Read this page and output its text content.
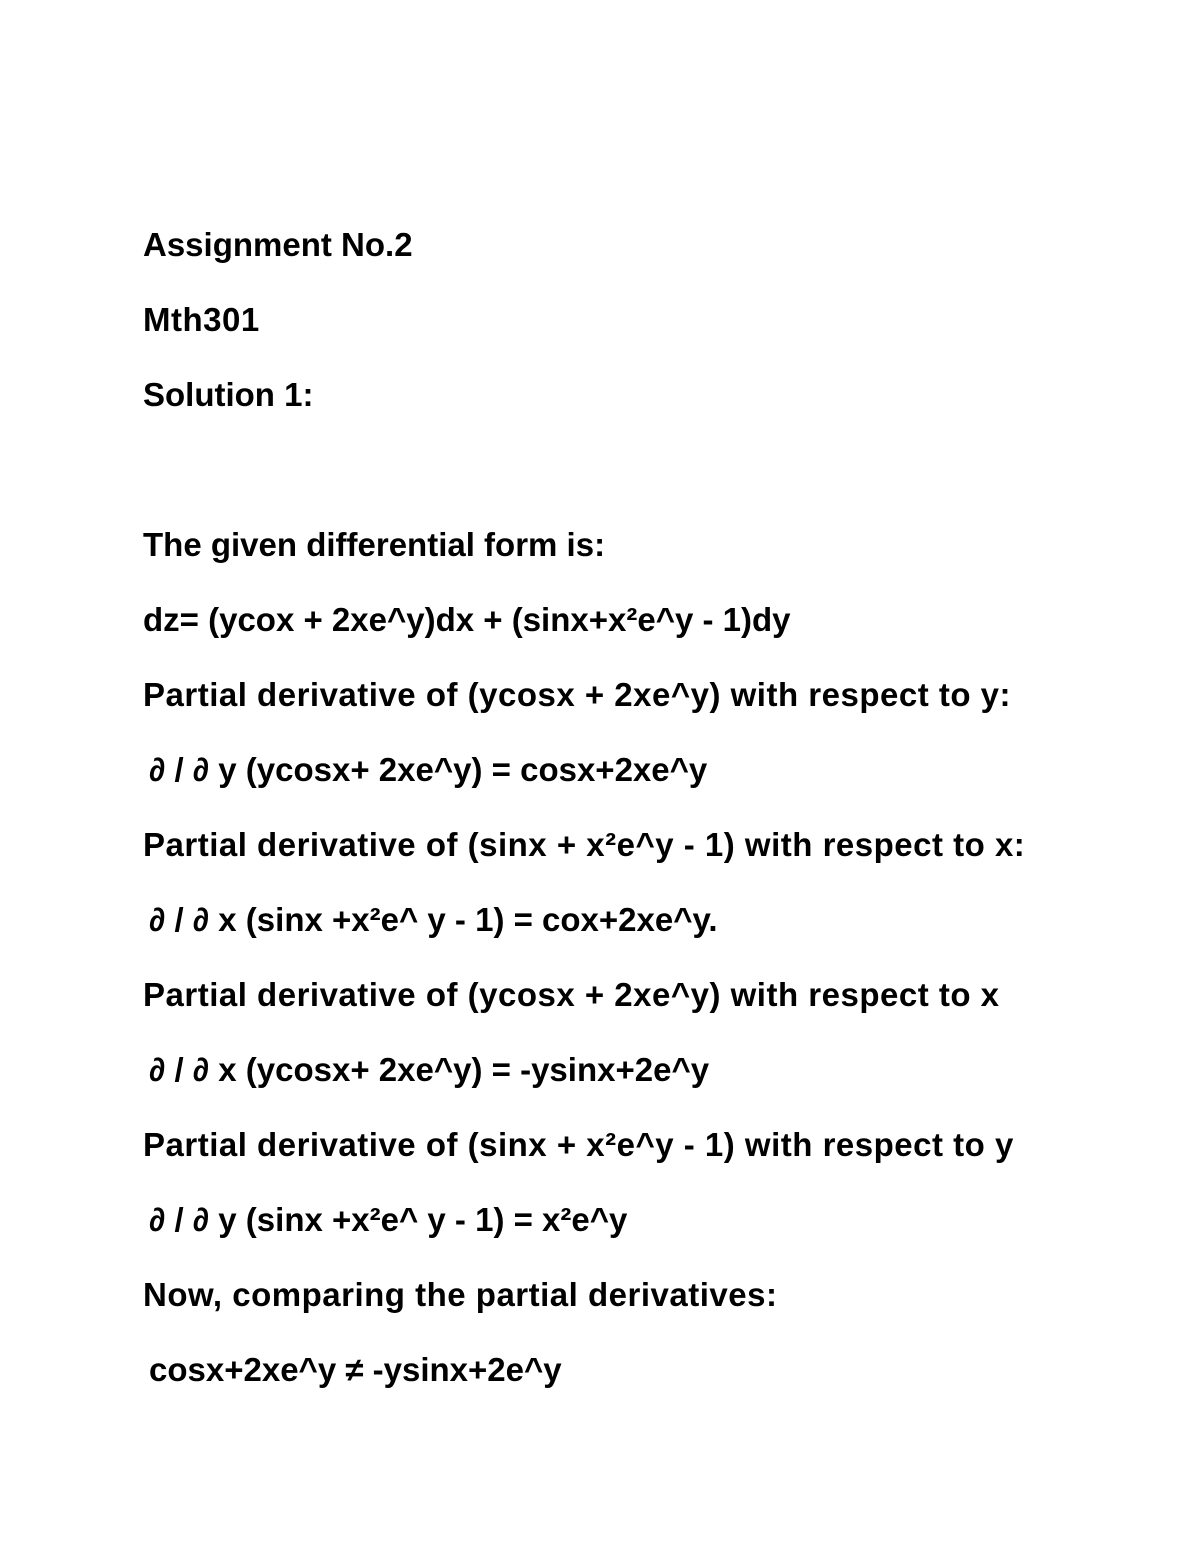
Assignment No.2

Mth301

Solution 1:

The given differential form is:

dz= (ycox + 2xe^y)dx + (sinx+x²e^y - 1)dy

Partial derivative of (ycosx + 2xe^y) with respect to y:

∂ / ∂ y (ycosx+ 2xe^y) = cosx+2xe^y

Partial derivative of (sinx + x²e^y - 1) with respect to x:

∂ / ∂ x (sinx +x²e^ y - 1) = cox+2xe^y.

Partial derivative of (ycosx + 2xe^y) with respect to x

∂ / ∂ x (ycosx+ 2xe^y) = -ysinx+2e^y

Partial derivative of (sinx + x²e^y - 1) with respect to y

∂ / ∂ y (sinx +x²e^ y - 1) = x²e^y

Now, comparing the partial derivatives:

cosx+2xe^y ≠ -ysinx+2e^y
